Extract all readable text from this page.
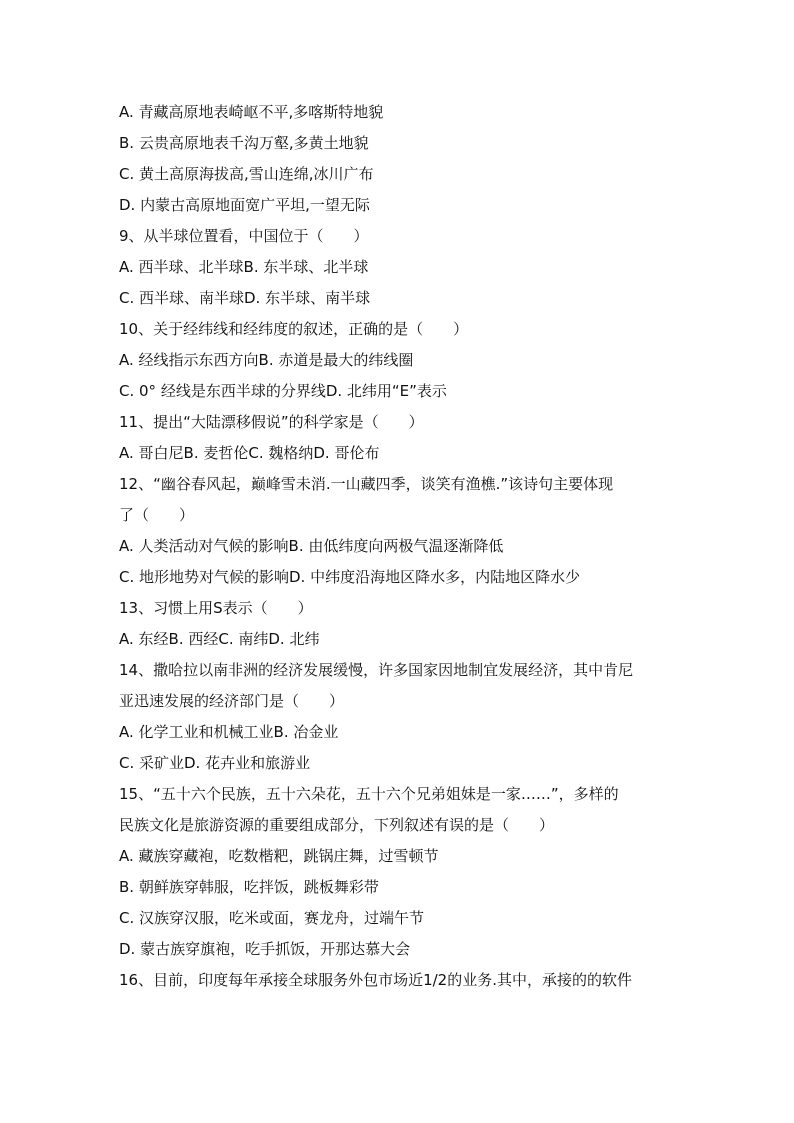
A. 青藏高原地表崎岖不平,多喀斯特地貌
B. 云贵高原地表千沟万壑,多黄土地貌
C. 黄土高原海拔高,雪山连绵,冰川广布
D. 内蒙古高原地面宽广平坦,一望无际
9、从半球位置看，中国位于（　　）
A. 西半球、北半球B. 东半球、北半球
C. 西半球、南半球D. 东半球、南半球
10、关于经纬线和经纬度的叙述，正确的是（　　）
A. 经线指示东西方向B. 赤道是最大的纬线圈
C. 0° 经线是东西半球的分界线D. 北纬用“E”表示
11、提出“大陆漂移假说”的科学家是（　　）
A. 哥白尼B. 麦哲伦C. 魏格纳D. 哥伦布
12、“幽谷春风起，巅峰雪未消.一山藏四季，谈笑有渔樵.”该诗句主要体现
了（　　）
A. 人类活动对气候的影响B. 由低纬度向两极气温逐渐降低
C. 地形地势对气候的影响D. 中纬度沿海地区降水多，内陆地区降水少
13、习惯上用S表示（　　）
A. 东经B. 西经C. 南纬D. 北纬
14、撒哈拉以南非洲的经济发展缓慢，许多国家因地制宜发展经济，其中肯尼
亚迅速发展的经济部门是（　　）
A. 化学工业和机械工业B. 冶金业
C. 采矿业D. 花卉业和旅游业
15、“五十六个民族，五十六朵花，五十六个兄弟姐妹是一家……”，多样的
民族文化是旅游资源的重要组成部分，下列叙述有误的是（　　）
A. 藏族穿藏袍，吃数楷粑，跳锅庄舞，过雪顿节
B. 朝鲜族穿韩服，吃拌饭，跳板舞彩带
C. 汉族穿汉服，吃米或面，赛龙舟，过端午节
D. 蒙古族穿旗袍，吃手抓饭，开那达慕大会
16、目前，印度每年承接全球服务外包市场近1/2的业务.其中，承接的的软件
